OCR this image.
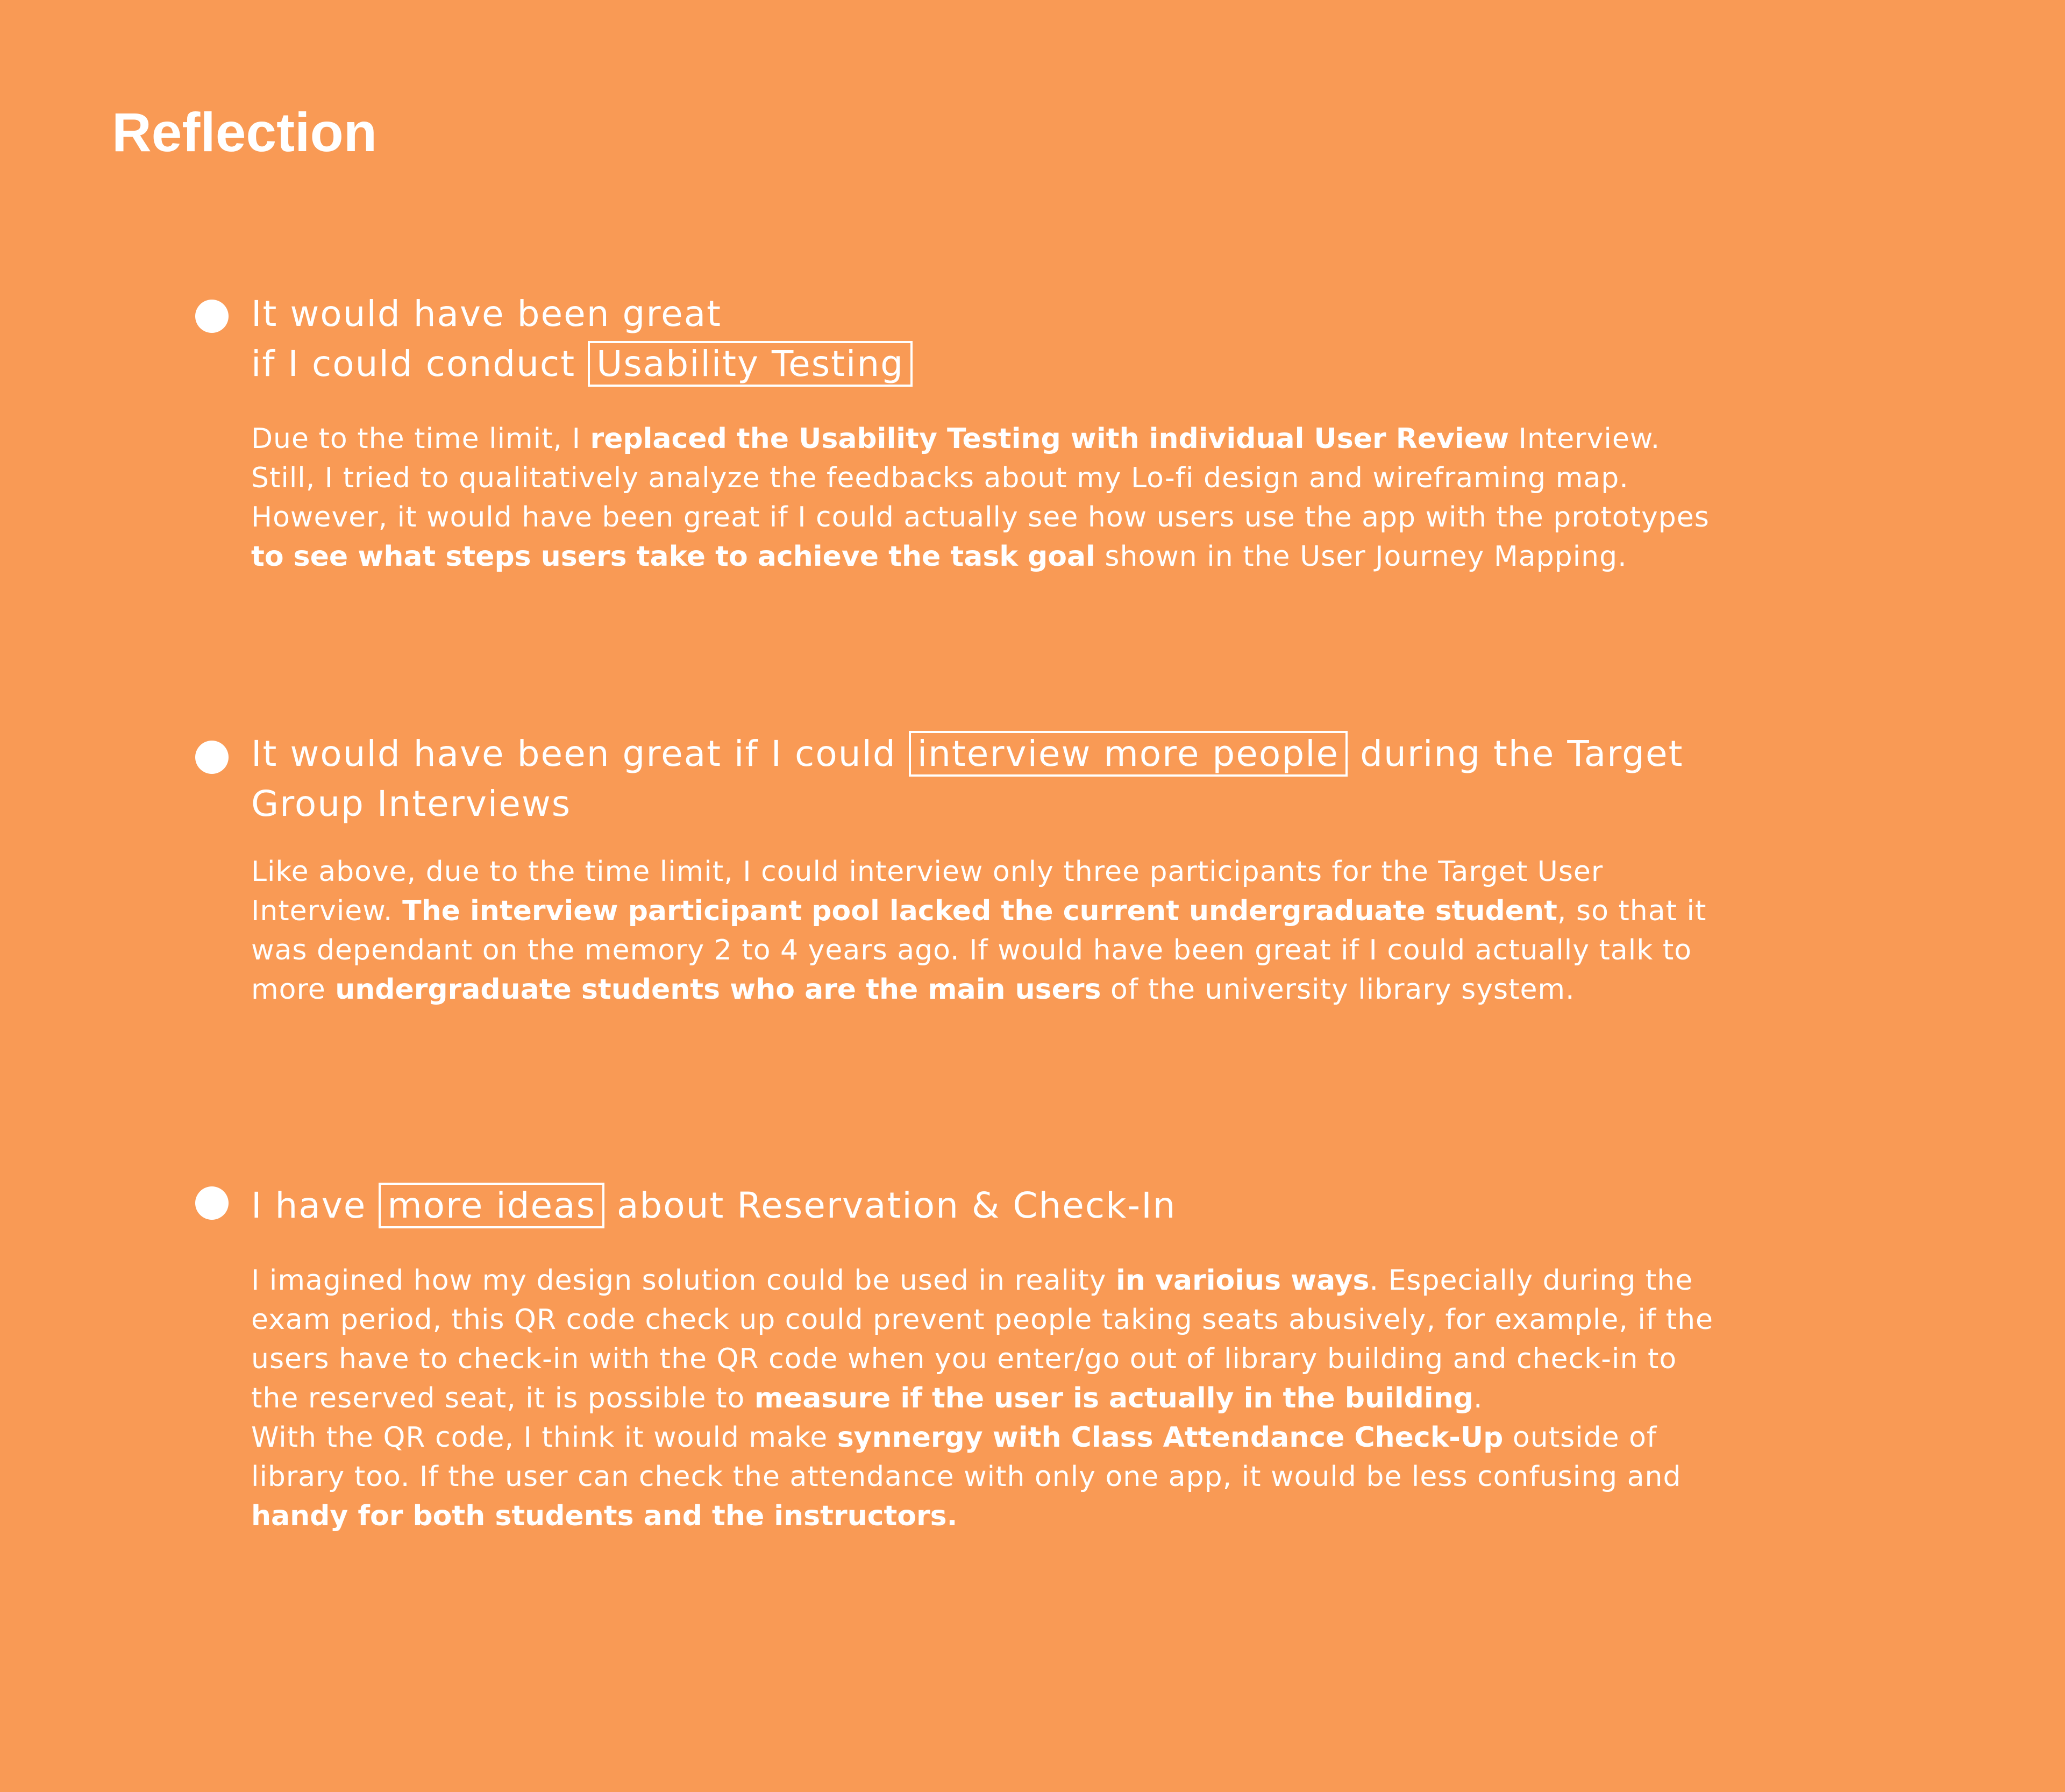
Reflection
It would have been great
if I could conduct Usability Testing

Due to the time limit, I replaced the Usability Testing with individual User Review Interview. Still, I tried to qualitatively analyze the feedbacks about my Lo-fi design and wireframing map. However, it would have been great if I could actually see how users use the app with the prototypes to see what steps users take to achieve the task goal shown in the User Journey Mapping.

It would have been great if I could interview more people during the Target Group Interviews

Like above, due to the time limit, I could interview only three participants for the Target User Interview. The interview participant pool lacked the current undergraduate student, so that it was dependant on the memory 2 to 4 years ago. If would have been great if I could actually talk to more undergraduate students who are the main users of the university library system.

I have more ideas about Reservation & Check-In

I imagined how my design solution could be used in reality in varioius ways. Especially during the exam period, this QR code check up could prevent people taking seats abusively, for example, if the users have to check-in with the QR code when you enter/go out of library building and check-in to the reserved seat, it is possible to measure if the user is actually in the building.
With the QR code, I think it would make synnergy with Class Attendance Check-Up outside of library too. If the user can check the attendance with only one app, it would be less confusing and handy for both students and the instructors.
